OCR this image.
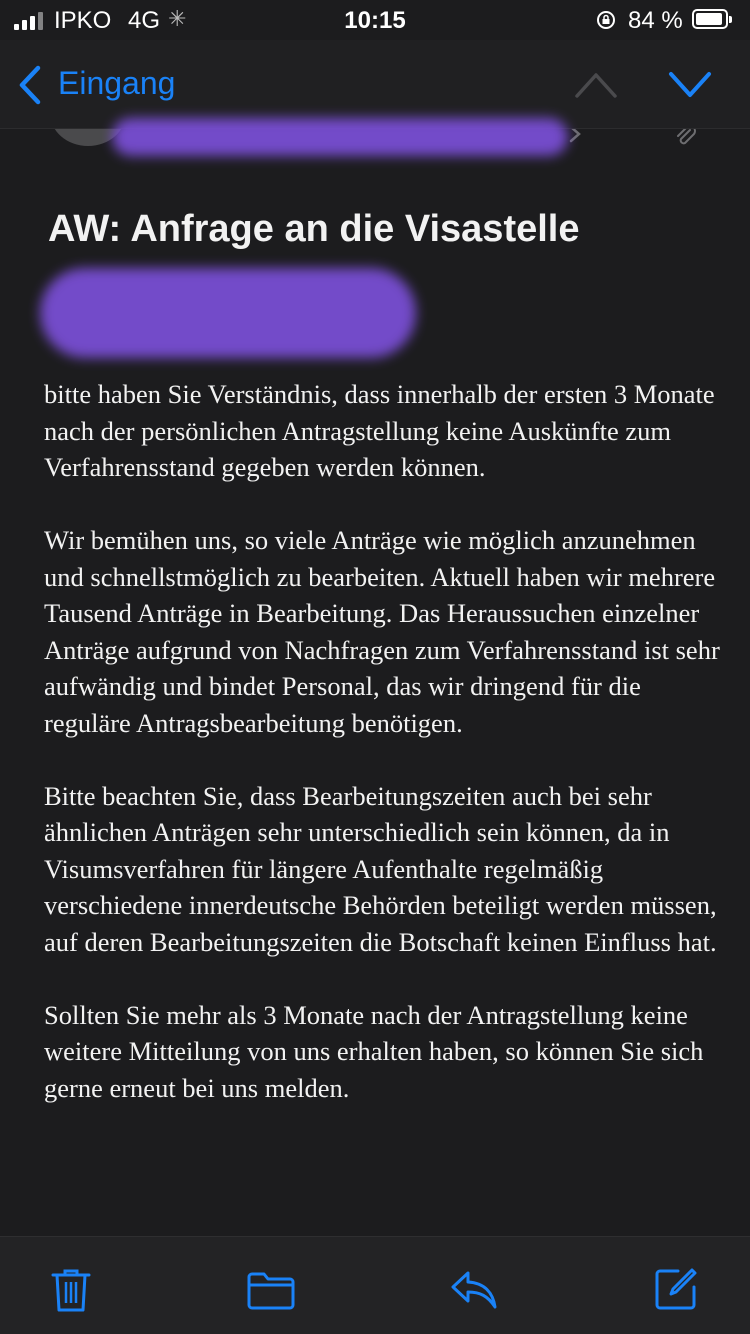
IPKO 4G ✳	10:15	84 %
Eingang
AW: Anfrage an die Visastelle

bitte haben Sie Verständnis, dass innerhalb der ersten 3 Monate nach der persönlichen Antragstellung keine Auskünfte zum Verfahrensstand gegeben werden können.

Wir bemühen uns, so viele Anträge wie möglich anzunehmen und schnellstmöglich zu bearbeiten. Aktuell haben wir mehrere Tausend Anträge in Bearbeitung. Das Heraussuchen einzelner Anträge aufgrund von Nachfragen zum Verfahrensstand ist sehr aufwändig und bindet Personal, das wir dringend für die reguläre Antragsbearbeitung benötigen.

Bitte beachten Sie, dass Bearbeitungszeiten auch bei sehr ähnlichen Anträgen sehr unterschiedlich sein können, da in Visumsverfahren für längere Aufenthalte regelmäßig verschiedene innerdeutsche Behörden beteiligt werden müssen, auf deren Bearbeitungszeiten die Botschaft keinen Einfluss hat.

Sollten Sie mehr als 3 Monate nach der Antragstellung keine weitere Mitteilung von uns erhalten haben, so können Sie sich gerne erneut bei uns melden.
